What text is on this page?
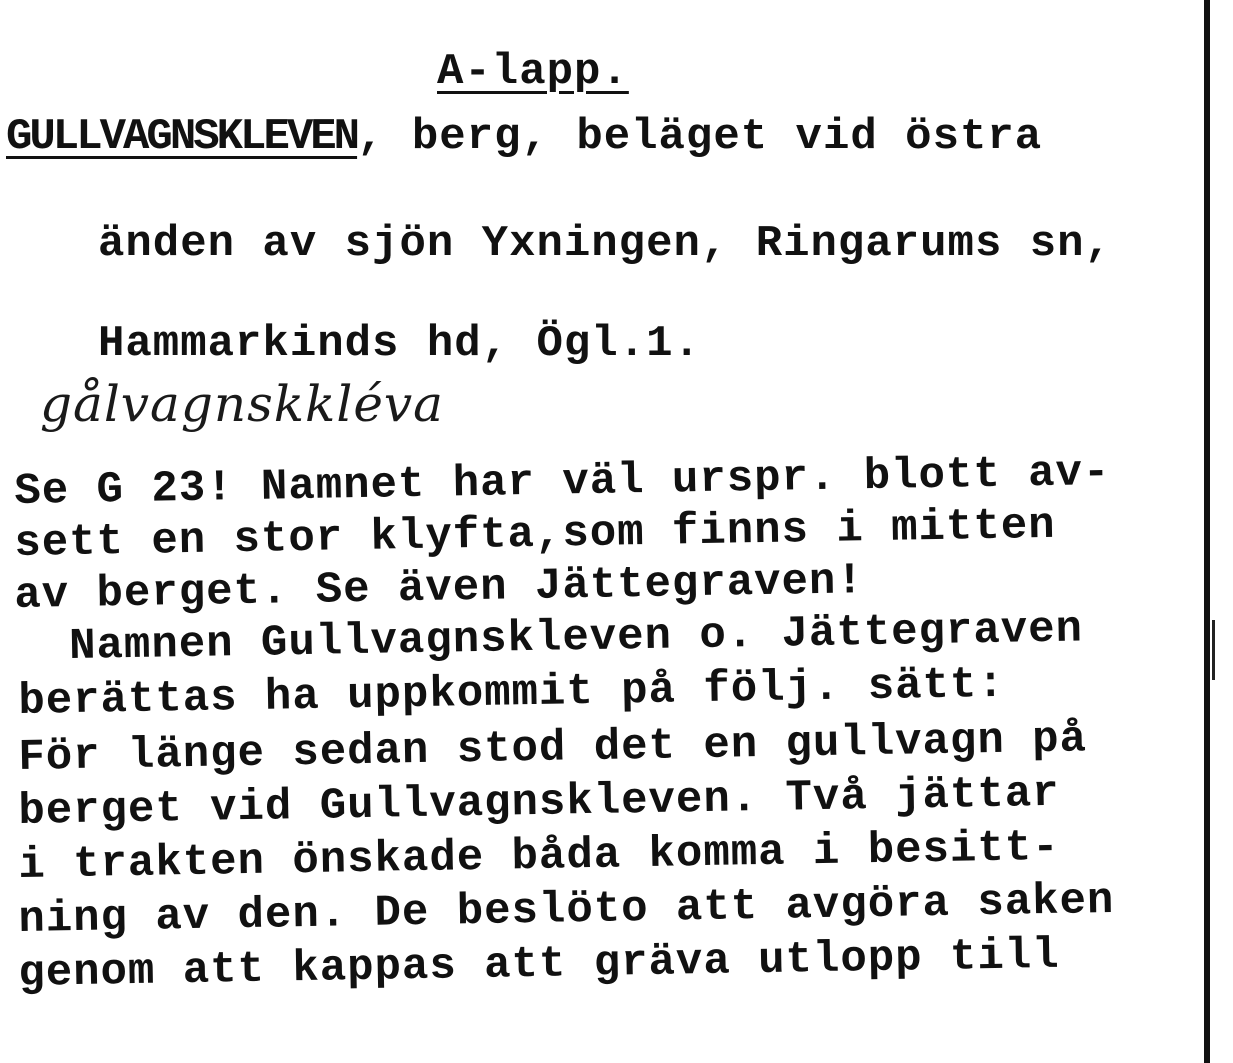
A-lapp.
GULLVAGNSKLEVEN, berg, beläget vid östra
änden av sjön Yxningen, Ringarums sn,
Hammarkinds hd, Ögl.1.
gålvagnskkléva
Se G 23! Namnet har väl urspr. blott av-
sett en stor klyfta,som finns i mitten
av berget. Se även Jättegraven!
Namnen Gullvagnskleven o. Jättegraven
berättas ha uppkommit på följ. sätt:
För länge sedan stod det en gullvagn på
berget vid Gullvagnskleven. Två jättar
i trakten önskade båda komma i besitt-
ning av den. De beslöto att avgöra saken
genom att kappas att gräva utlopp till
